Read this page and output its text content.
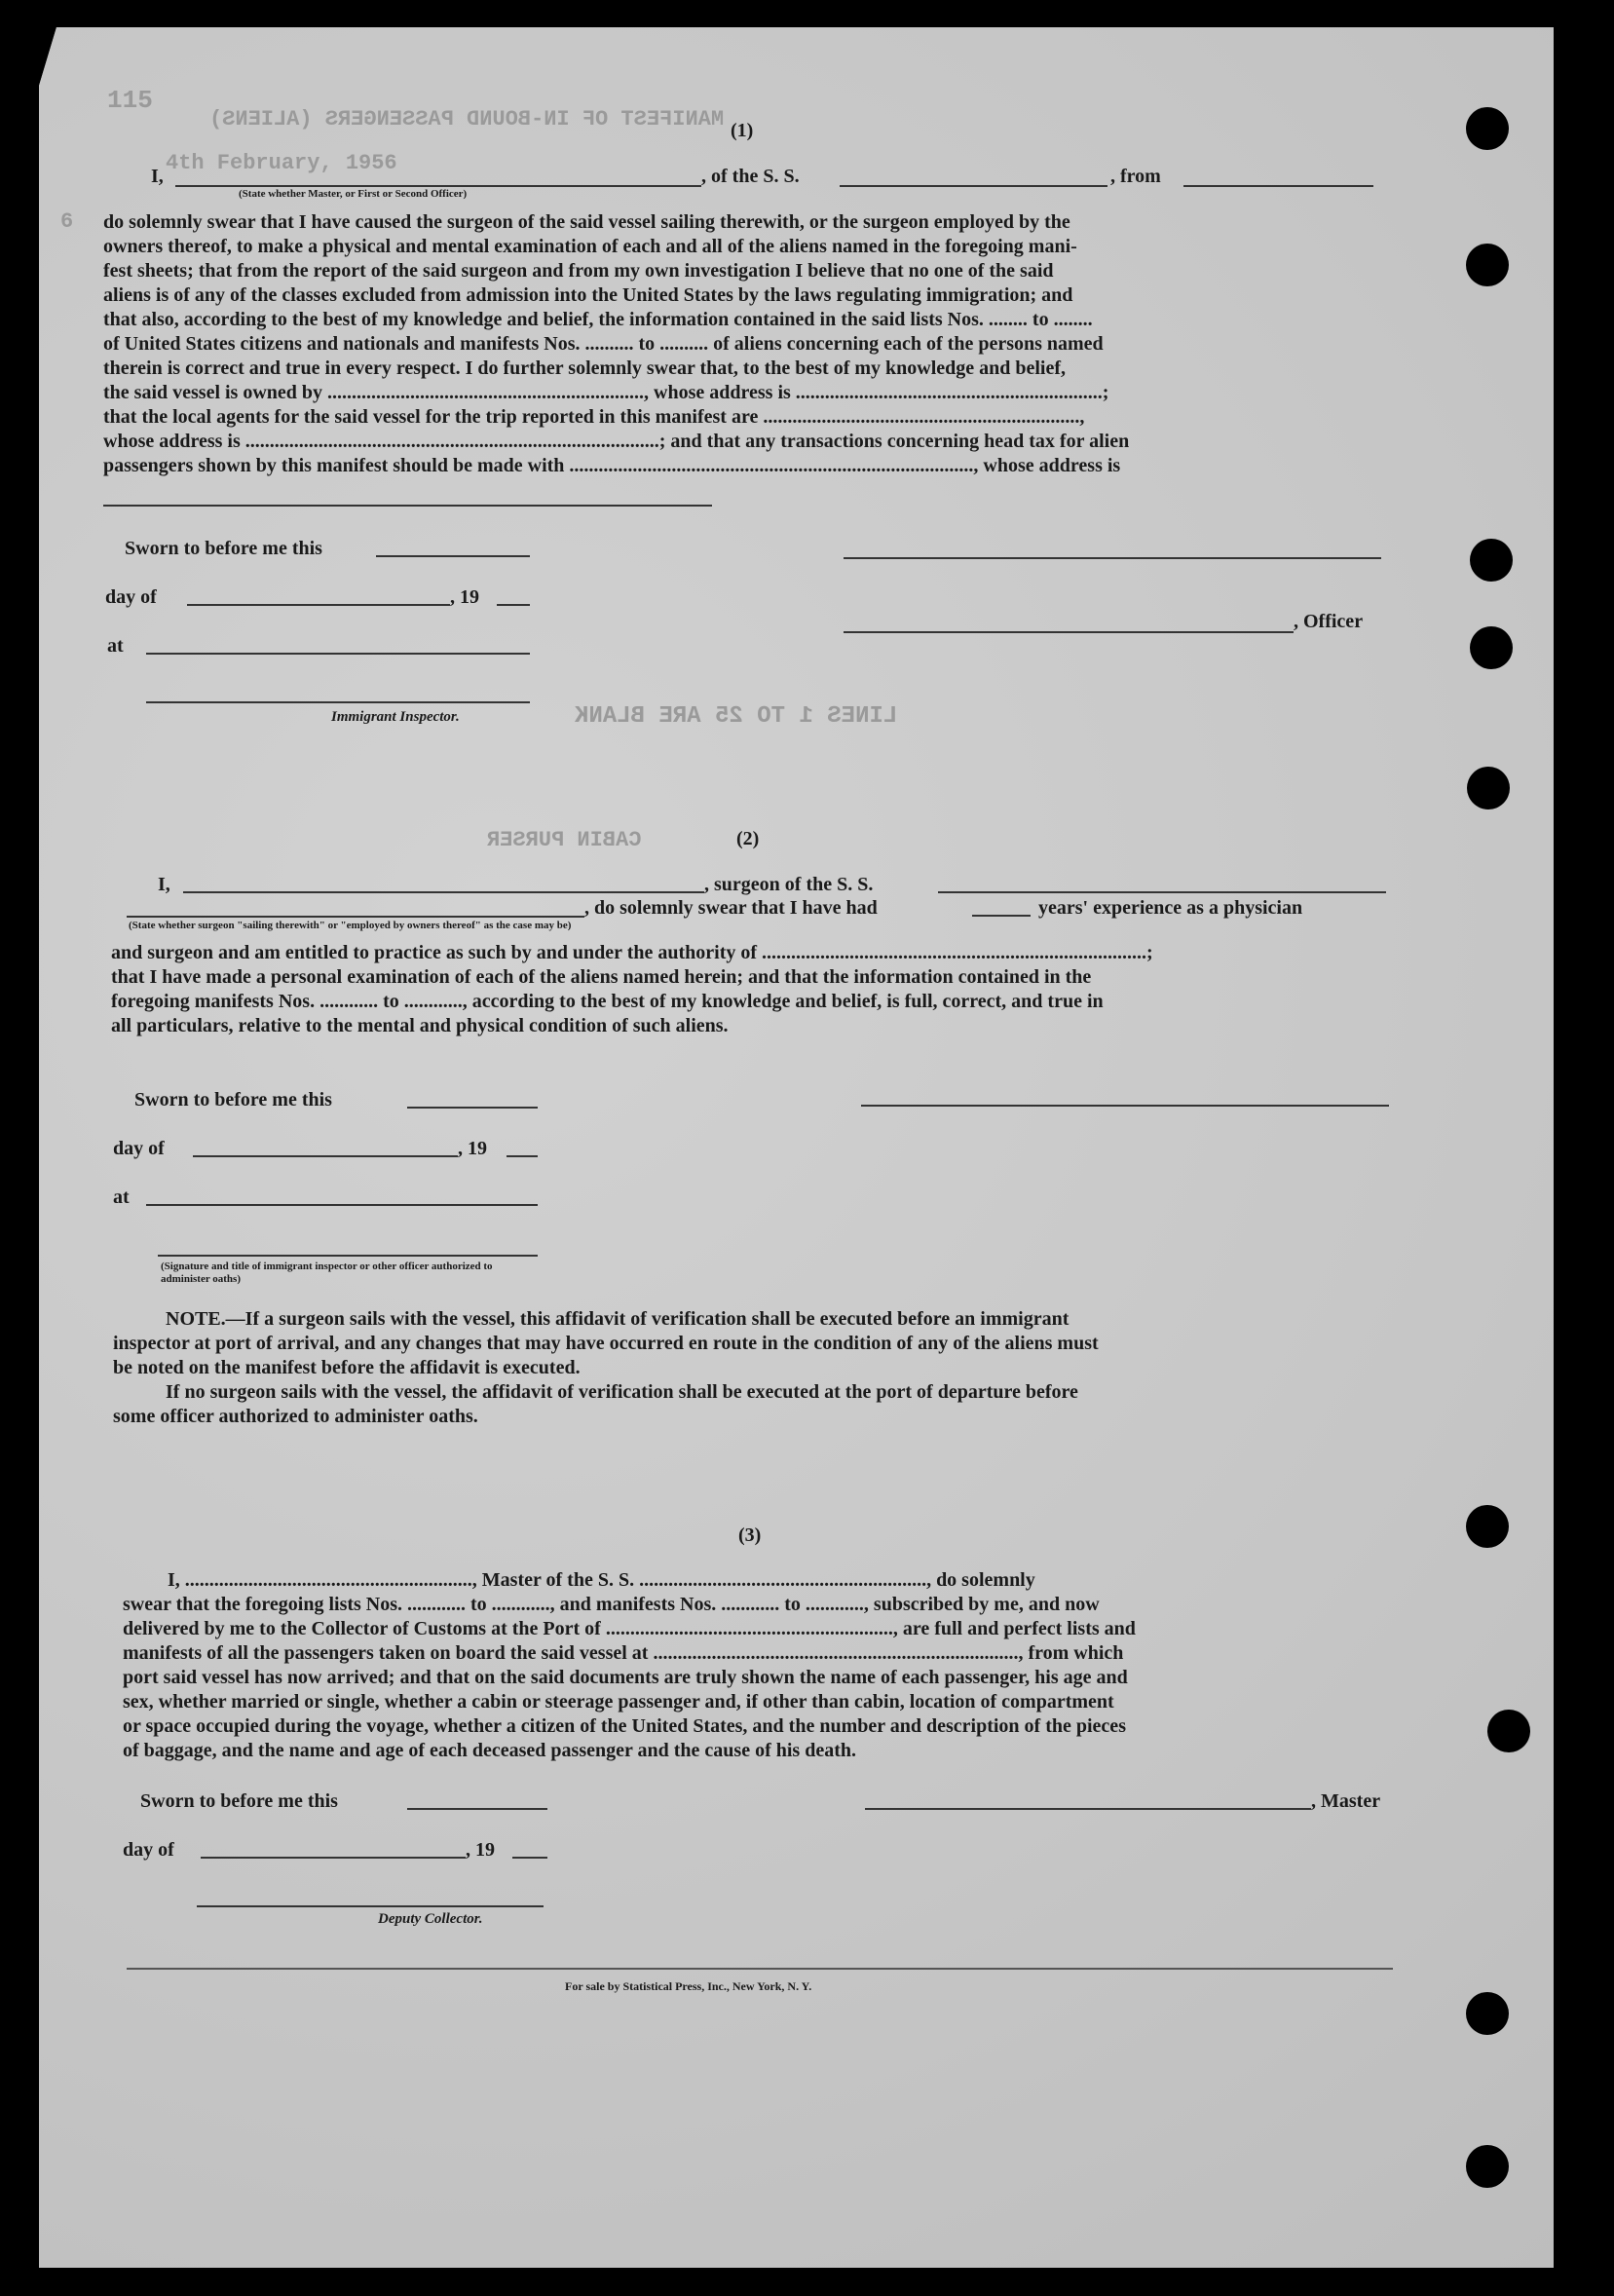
115
MANIFEST OF IN-BOUND PASSENGERS (ALIENS)
4th February, 1956
6
(1)
I,	, of the S. S.	, from
(State whether Master, or First or Second Officer)
do solemnly swear that I have caused the surgeon of the said vessel sailing therewith, or the surgeon employed by the
owners thereof, to make a physical and mental examination of each and all of the aliens named in the foregoing mani-
fest sheets; that from the report of the said surgeon and from my own investigation I believe that no one of the said
aliens is of any of the classes excluded from admission into the United States by the laws regulating immigration; and
that also, according to the best of my knowledge and belief, the information contained in the said lists Nos. ........ to ........
of United States citizens and nationals and manifests Nos. .......... to .......... of aliens concerning each of the persons named
therein is correct and true in every respect. I do further solemnly swear that, to the best of my knowledge and belief,
the said vessel is owned by ................................................................., whose address is ...............................................................;
that the local agents for the said vessel for the trip reported in this manifest are .................................................................,
whose address is .....................................................................................; and that any transactions concerning head tax for alien
passengers shown by this manifest should be made with ..................................................................................., whose address is
Sworn to before me this
day of	, 19
, Officer
at
Immigrant Inspector.	LINES 1 TO 25 ARE BLANK
CABIN PURSER	(2)
I,	, surgeon of the S. S.
, do solemnly swear that I have had	years' experience as a physician
(State whether surgeon "sailing therewith" or "employed by owners thereof" as the case may be)
and surgeon and am entitled to practice as such by and under the authority of ...............................................................................;
that I have made a personal examination of each of the aliens named herein; and that the information contained in the
foregoing manifests Nos. ............ to ............, according to the best of my knowledge and belief, is full, correct, and true in
all particulars, relative to the mental and physical condition of such aliens.
Sworn to before me this
day of	, 19
at
(Signature and title of immigrant inspector or other officer authorized to administer oaths)
NOTE.—If a surgeon sails with the vessel, this affidavit of verification shall be executed before an immigrant
inspector at port of arrival, and any changes that may have occurred en route in the condition of any of the aliens must
be noted on the manifest before the affidavit is executed.
If no surgeon sails with the vessel, the affidavit of verification shall be executed at the port of departure before
some officer authorized to administer oaths.
(3)
I, ..........................................................., Master of the S. S. ..........................................................., do solemnly
swear that the foregoing lists Nos. ............ to ............, and manifests Nos. ............ to ............, subscribed by me, and now
delivered by me to the Collector of Customs at the Port of ..........................................................., are full and perfect lists and
manifests of all the passengers taken on board the said vessel at ..........................................................................., from which
port said vessel has now arrived; and that on the said documents are truly shown the name of each passenger, his age and
sex, whether married or single, whether a cabin or steerage passenger and, if other than cabin, location of compartment
or space occupied during the voyage, whether a citizen of the United States, and the number and description of the pieces
of baggage, and the name and age of each deceased passenger and the cause of his death.
Sworn to before me this	, Master
day of	, 19
Deputy Collector.
For sale by Statistical Press, Inc., New York, N. Y.
